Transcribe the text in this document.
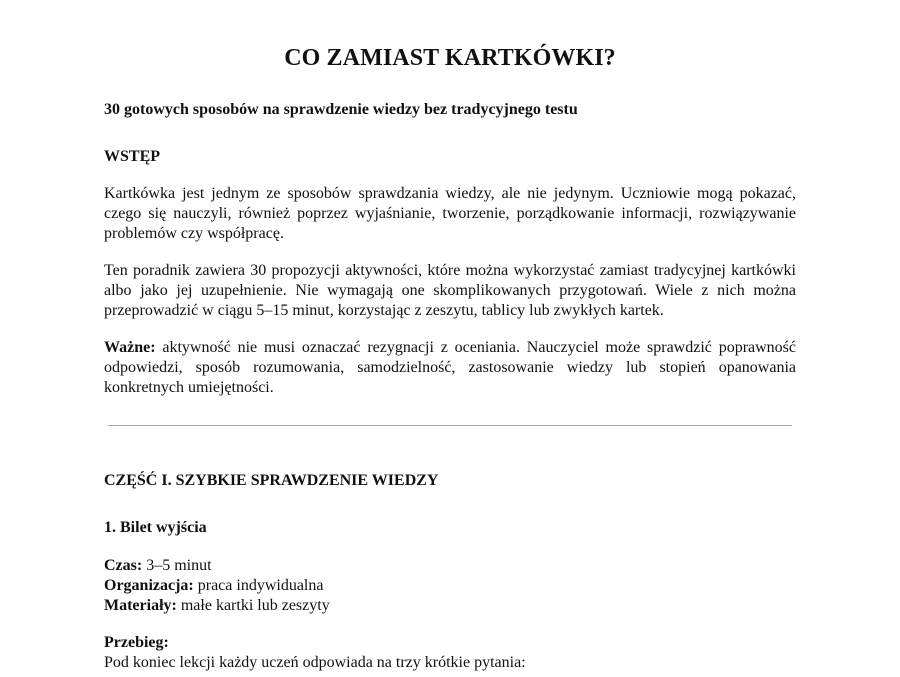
CO ZAMIAST KARTKÓWKI?
30 gotowych sposobów na sprawdzenie wiedzy bez tradycyjnego testu
WSTĘP

Kartkówka jest jednym ze sposobów sprawdzania wiedzy, ale nie jedynym. Uczniowie mogą pokazać, czego się nauczyli, również poprzez wyjaśnianie, tworzenie, porządkowanie informacji, rozwiązywanie problemów czy współpracę.

Ten poradnik zawiera 30 propozycji aktywności, które można wykorzystać zamiast tradycyjnej kartkówki albo jako jej uzupełnienie. Nie wymagają one skomplikowanych przygotowań. Wiele z nich można przeprowadzić w ciągu 5–15 minut, korzystając z zeszytu, tablicy lub zwykłych kartek.

Ważne: aktywność nie musi oznaczać rezygnacji z oceniania. Nauczyciel może sprawdzić poprawność odpowiedzi, sposób rozumowania, samodzielność, zastosowanie wiedzy lub stopień opanowania konkretnych umiejętności.

CZĘŚĆ I. SZYBKIE SPRAWDZENIE WIEDZY
1. Bilet wyjścia

Czas: 3–5 minut

Organizacja: praca indywidualna

Materiały: małe kartki lub zeszyty

Przebieg:

Pod koniec lekcji każdy uczeń odpowiada na trzy krótkie pytania:
